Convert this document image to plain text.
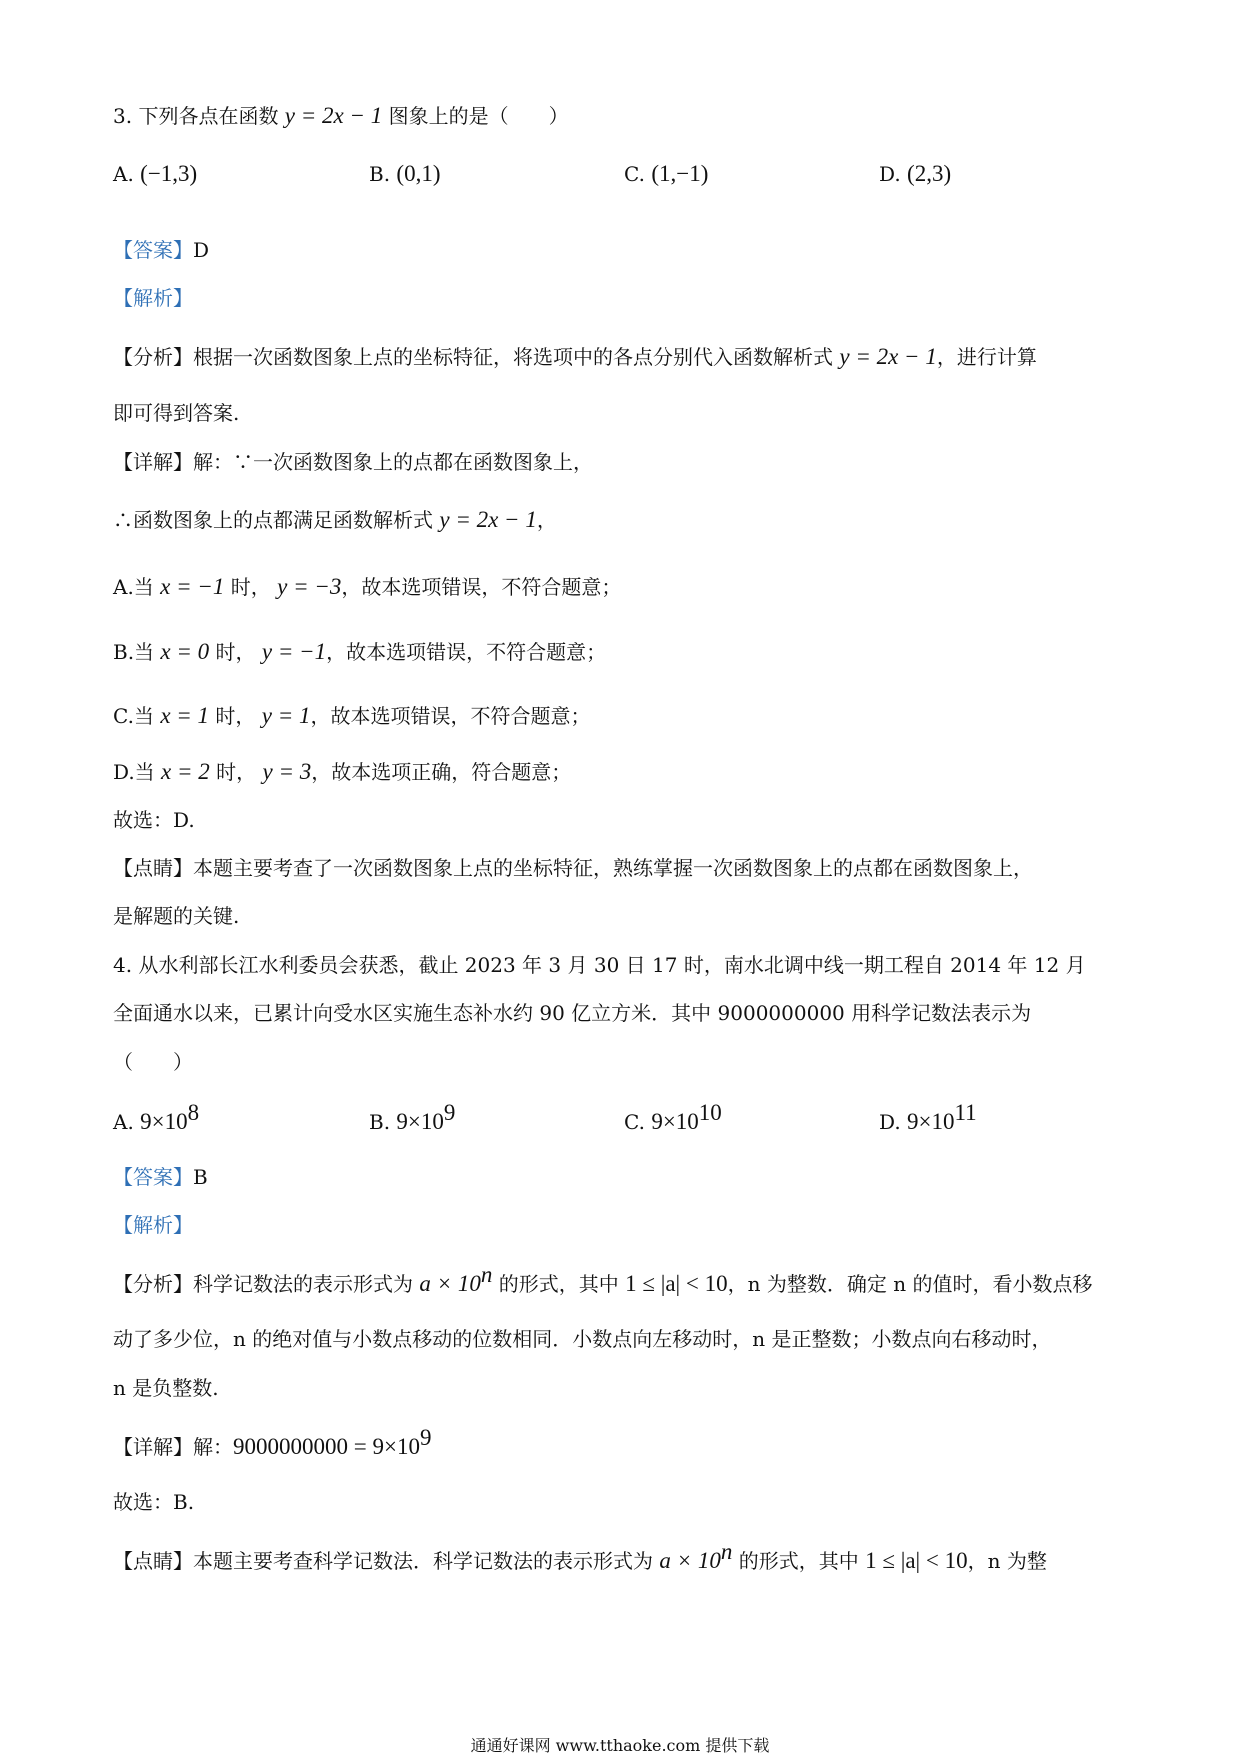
3. 下列各点在函数 y = 2x − 1 图象上的是（　　）
A. (−1,3)	B. (0,1)	C. (1,−1)	D. (2,3)
【答案】D
【解析】
【分析】根据一次函数图象上点的坐标特征，将选项中的各点分别代入函数解析式 y = 2x − 1，进行计算
即可得到答案.
【详解】解：∵一次函数图象上的点都在函数图象上，
∴函数图象上的点都满足函数解析式 y = 2x − 1，
A.当 x = −1 时， y = −3，故本选项错误，不符合题意；
B.当 x = 0 时， y = −1，故本选项错误，不符合题意；
C.当 x = 1 时， y = 1，故本选项错误，不符合题意；
D.当 x = 2 时， y = 3，故本选项正确，符合题意；
故选：D.
【点睛】本题主要考查了一次函数图象上点的坐标特征，熟练掌握一次函数图象上的点都在函数图象上，
是解题的关键.
4. 从水利部长江水利委员会获悉，截止 2023 年 3 月 30 日 17 时，南水北调中线一期工程自 2014 年 12 月
全面通水以来，已累计向受水区实施生态补水约 90 亿立方米．其中 9000000000 用科学记数法表示为
（　　）
A. $9\times 10^8$	B. $9\times 10^9$	C. $9\times 10^{10}$	D. $9\times 10^{11}$
【答案】B
【解析】
【分析】科学记数法的表示形式为 $a \times 10^n$ 的形式，其中 1 ≤ |a| < 10，n 为整数．确定 n 的值时，看小数点移
动了多少位，n 的绝对值与小数点移动的位数相同．小数点向左移动时，n 是正整数；小数点向右移动时，
n 是负整数.
【详解】解：$9000000000 = 9\times 10^9$
故选：B.
【点睛】本题主要考查科学记数法．科学记数法的表示形式为 $a \times 10^n$ 的形式，其中 1 ≤ |a| < 10，n 为整
通通好课网 www.tthaoke.com 提供下载
